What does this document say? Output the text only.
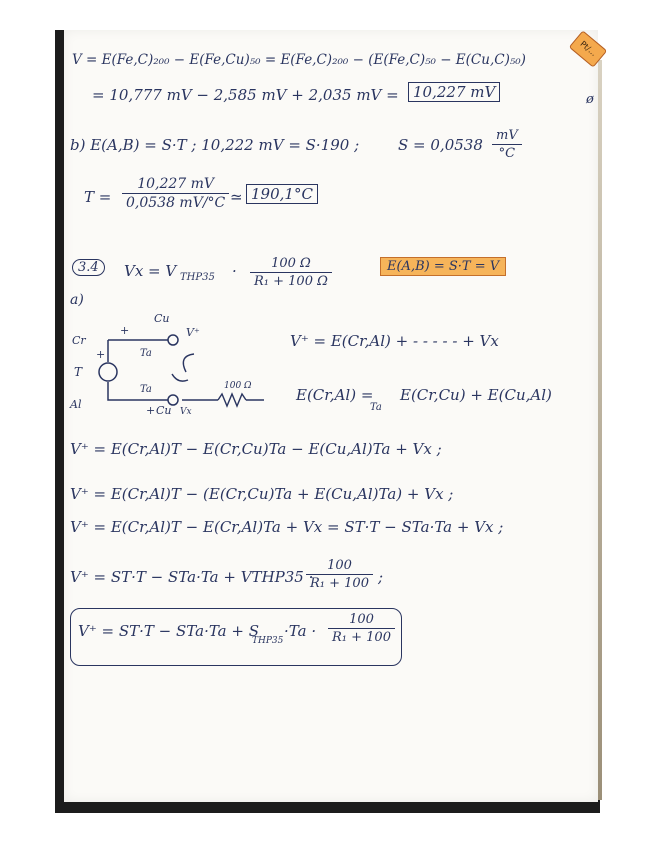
Pt/...
ø
V = E(Fe,C)₂₀₀ − E(Fe,Cu)₅₀ = E(Fe,C)₂₀₀ − (E(Fe,C)₅₀ − E(Cu,C)₅₀)
= 10,777 mV − 2,585 mV + 2,035 mV = 10,227 mV
b) E(A,B) = S·T ; 10,222 mV = S·190 ;	S = 0,0538
mV
°C
T =
10,227 mV
0,0538 mV/°C ≃ 190,1°C
3.4	Vx = V THP35 ·	100 Ω
R₁ + 100 Ω
E(A,B) = S·T = V
a)
Cr
T
Al
Cu
+
+	Ta
V⁺
Ta
+ Cu Vx
100 Ω
V⁺ = E(Cr,Al) + - - - - - + Vx
E(Cr,Al) = E(Cr,Cu) + E(Cu,Al)
Ta
V⁺ = E(Cr,Al)T − E(Cr,Cu)Ta − E(Cu,Al)Ta + Vx ;
V⁺ = E(Cr,Al)T − (E(Cr,Cu)Ta + E(Cu,Al)Ta) + Vx ;
V⁺ = E(Cr,Al)T − E(Cr,Al)Ta + Vx = ST·T − STa·Ta + Vx ;
V⁺ = ST·T − STa·Ta + VTHP35 ·
100
R₁ + 100 ;
V⁺ = ST·T − STa·Ta + S
THP35
·Ta ·
100
R₁ + 100
